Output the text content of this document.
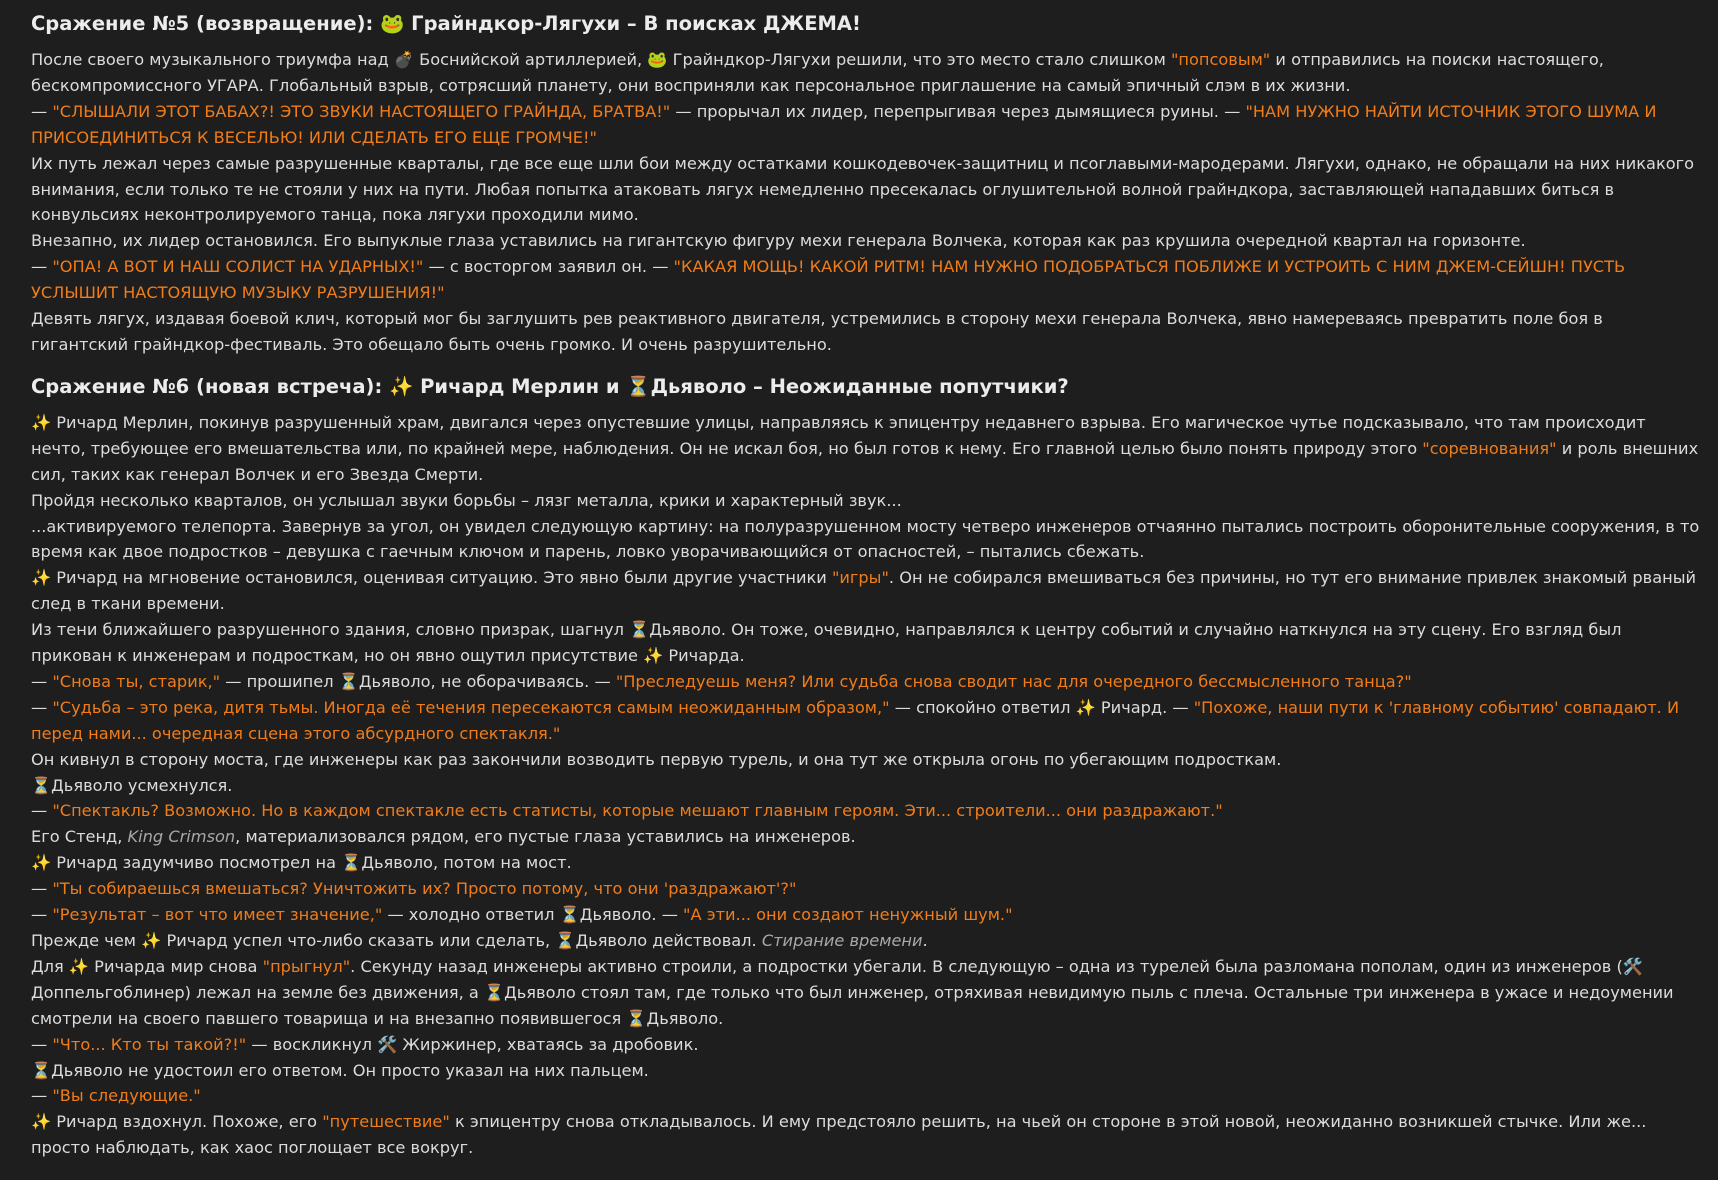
Сражение №5 (возвращение): 🐸 Грайндкор-Лягухи – В поисках ДЖЕМА!

После своего музыкального триумфа над 💣 Боснийской артиллерией, 🐸 Грайндкор-Лягухи решили, что это место стало слишком "попсовым" и отправились на поиски настоящего, бескомпромиссного УГАРА. Глобальный взрыв, сотрясший планету, они восприняли как персональное приглашение на самый эпичный слэм в их жизни.

— "СЛЫШАЛИ ЭТОТ БАБАХ?! ЭТО ЗВУКИ НАСТОЯЩЕГО ГРАЙНДА, БРАТВА!" — прорычал их лидер, перепрыгивая через дымящиеся руины. — "НАМ НУЖНО НАЙТИ ИСТОЧНИК ЭТОГО ШУМА И ПРИСОЕДИНИТЬСЯ К ВЕСЕЛЬЮ! ИЛИ СДЕЛАТЬ ЕГО ЕЩЕ ГРОМЧЕ!"

Их путь лежал через самые разрушенные кварталы, где все еще шли бои между остатками кошкодевочек-защитниц и псоглавыми-мародерами. Лягухи, однако, не обращали на них никакого внимания, если только те не стояли у них на пути. Любая попытка атаковать лягух немедленно пресекалась оглушительной волной грайндкора, заставляющей нападавших биться в конвульсиях неконтролируемого танца, пока лягухи проходили мимо.

Внезапно, их лидер остановился. Его выпуклые глаза уставились на гигантскую фигуру мехи генерала Волчека, которая как раз крушила очередной квартал на горизонте.

— "ОПА! А ВОТ И НАШ СОЛИСТ НА УДАРНЫХ!" — с восторгом заявил он. — "КАКАЯ МОЩЬ! КАКОЙ РИТМ! НАМ НУЖНО ПОДОБРАТЬСЯ ПОБЛИЖЕ И УСТРОИТЬ С НИМ ДЖЕМ-СЕЙШН! ПУСТЬ УСЛЫШИТ НАСТОЯЩУЮ МУЗЫКУ РАЗРУШЕНИЯ!"

Девять лягух, издавая боевой клич, который мог бы заглушить рев реактивного двигателя, устремились в сторону мехи генерала Волчека, явно намереваясь превратить поле боя в гигантский грайндкор-фестиваль. Это обещало быть очень громко. И очень разрушительно.

Сражение №6 (новая встреча): ✨ Ричард Мерлин и ⏳Дьяволо – Неожиданные попутчики?

✨ Ричард Мерлин, покинув разрушенный храм, двигался через опустевшие улицы, направляясь к эпицентру недавнего взрыва. Его магическое чутье подсказывало, что там происходит нечто, требующее его вмешательства или, по крайней мере, наблюдения. Он не искал боя, но был готов к нему. Его главной целью было понять природу этого "соревнования" и роль внешних сил, таких как генерал Волчек и его Звезда Смерти.

Пройдя несколько кварталов, он услышал звуки борьбы – лязг металла, крики и характерный звук...

...активируемого телепорта. Завернув за угол, он увидел следующую картину: на полуразрушенном мосту четверо инженеров отчаянно пытались построить оборонительные сооружения, в то время как двое подростков – девушка с гаечным ключом и парень, ловко уворачивающийся от опасностей, – пытались сбежать.

✨ Ричард на мгновение остановился, оценивая ситуацию. Это явно были другие участники "игры". Он не собирался вмешиваться без причины, но тут его внимание привлек знакомый рваный след в ткани времени.

Из тени ближайшего разрушенного здания, словно призрак, шагнул ⏳Дьяволо. Он тоже, очевидно, направлялся к центру событий и случайно наткнулся на эту сцену. Его взгляд был прикован к инженерам и подросткам, но он явно ощутил присутствие ✨ Ричарда.

— "Снова ты, старик," — прошипел ⏳Дьяволо, не оборачиваясь. — "Преследуешь меня? Или судьба снова сводит нас для очередного бессмысленного танца?"

— "Судьба – это река, дитя тьмы. Иногда её течения пересекаются самым неожиданным образом," — спокойно ответил ✨ Ричард. — "Похоже, наши пути к 'главному событию' совпадают. И перед нами... очередная сцена этого абсурдного спектакля."

Он кивнул в сторону моста, где инженеры как раз закончили возводить первую турель, и она тут же открыла огонь по убегающим подросткам.

⏳Дьяволо усмехнулся.

— "Спектакль? Возможно. Но в каждом спектакле есть статисты, которые мешают главным героям. Эти... строители... они раздражают."

Его Стенд, King Crimson, материализовался рядом, его пустые глаза уставились на инженеров.

✨ Ричард задумчиво посмотрел на ⏳Дьяволо, потом на мост.

— "Ты собираешься вмешаться? Уничтожить их? Просто потому, что они 'раздражают'?"

— "Результат – вот что имеет значение," — холодно ответил ⏳Дьяволо. — "А эти... они создают ненужный шум."

Прежде чем ✨ Ричард успел что-либо сказать или сделать, ⏳Дьяволо действовал. Стирание времени.

Для ✨ Ричарда мир снова "прыгнул". Секунду назад инженеры активно строили, а подростки убегали. В следующую – одна из турелей была разломана пополам, один из инженеров (🛠️ Доппельгоблинер) лежал на земле без движения, а ⏳Дьяволо стоял там, где только что был инженер, отряхивая невидимую пыль с плеча. Остальные три инженера в ужасе и недоумении смотрели на своего павшего товарища и на внезапно появившегося ⏳Дьяволо.

— "Что... Кто ты такой?!" — воскликнул 🛠️ Жиржинер, хватаясь за дробовик.

⏳Дьяволо не удостоил его ответом. Он просто указал на них пальцем.

— "Вы следующие."

✨ Ричард вздохнул. Похоже, его "путешествие" к эпицентру снова откладывалось. И ему предстояло решить, на чьей он стороне в этой новой, неожиданно возникшей стычке. Или же... просто наблюдать, как хаос поглощает все вокруг.
